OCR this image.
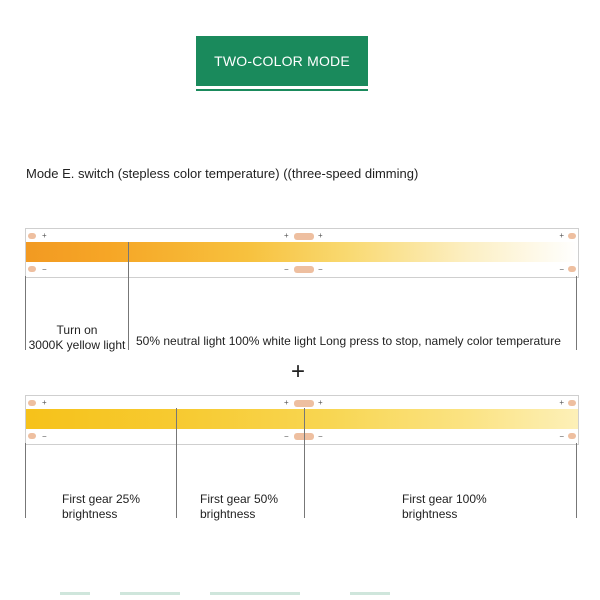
TWO-COLOR MODE
Mode E. switch (stepless color temperature) ((three-speed dimming)
+
−
+	+
−	−
+
−
Turn on
3000K yellow light 50% neutral light 100% white light Long press to stop, namely color temperature
+
+
−
+	+
−	−
+
−
First gear 25%
brightness
First gear 50%
brightness
First gear 100%
brightness
